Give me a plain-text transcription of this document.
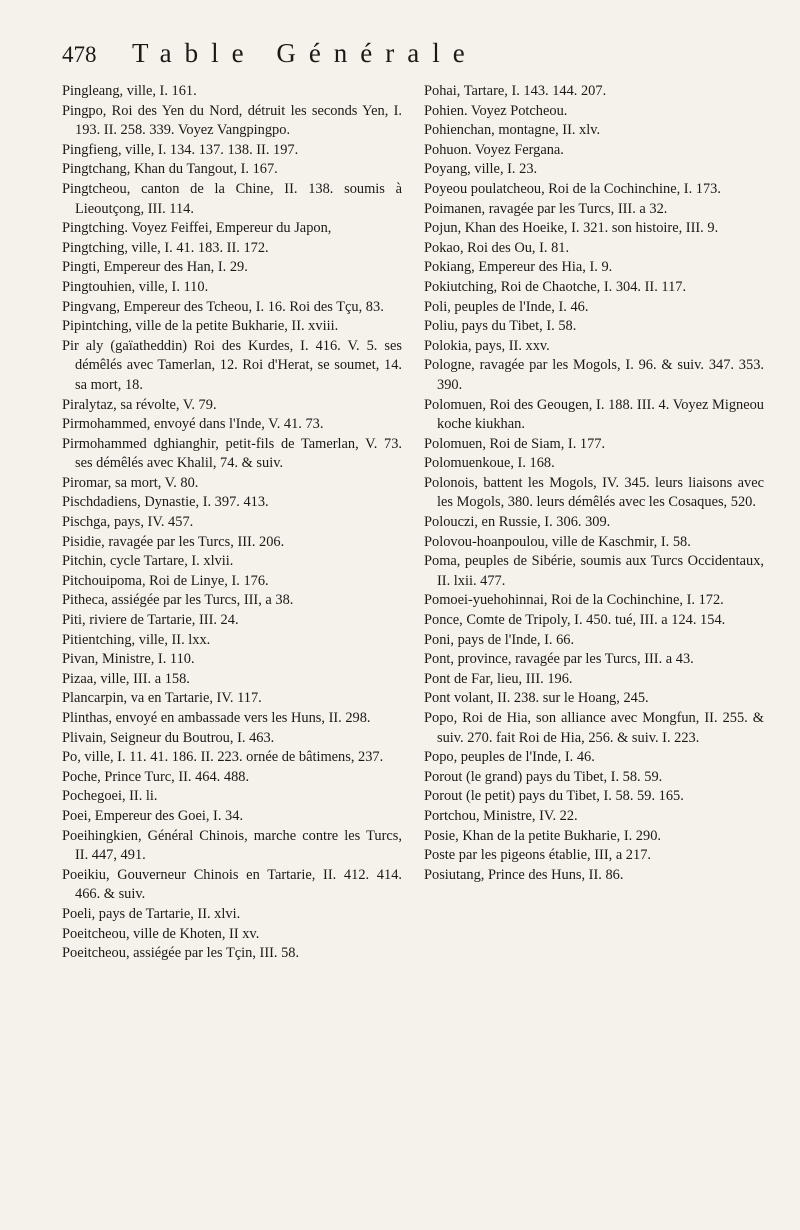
478	Table Générale
Pingleang, ville, I. 161.
Pingpo, Roi des Yen du Nord, détruit les seconds Yen, I. 193. II. 258. 339. Voyez Vangpingpo.
Pingfieng, ville, I. 134. 137. 138. II. 197.
Pingtchang, Khan du Tangout, I. 167.
Pingtcheou, canton de la Chine, II. 138. soumis à Lieoutçong, III. 114.
Pingtching. Voyez Feiffei, Empereur du Japon,
Pingtching, ville, I. 41. 183. II. 172.
Pingti, Empereur des Han, I. 29.
Pingtouhien, ville, I. 110.
Pingvang, Empereur des Tcheou, I. 16. Roi des Tçu, 83.
Pipintching, ville de la petite Bukharie, II. xviii.
Pir aly (gaïatheddin) Roi des Kurdes, I. 416. V. 5. ses démêlés avec Tamerlan, 12. Roi d'Herat, se soumet, 14. sa mort, 18.
Piralytaz, sa révolte, V. 79.
Pirmohammed, envoyé dans l'Inde, V. 41. 73.
Pirmohammed dghianghir, petit-fils de Tamerlan, V. 73. ses démêlés avec Khalil, 74. & suiv.
Piromar, sa mort, V. 80.
Pischdadiens, Dynastie, I. 397. 413.
Pischga, pays, IV. 457.
Pisidie, ravagée par les Turcs, III. 206.
Pitchin, cycle Tartare, I. xlvii.
Pitchouipoma, Roi de Linye, I. 176.
Pitheca, assiégée par les Turcs, III, a 38.
Piti, riviere de Tartarie, III. 24.
Pitientching, ville, II. lxx.
Pivan, Ministre, I. 110.
Pizaa, ville, III. a 158.
Plancarpin, va en Tartarie, IV. 117.
Plinthas, envoyé en ambassade vers les Huns, II. 298.
Plivain, Seigneur du Boutrou, I. 463.
Po, ville, I. 11. 41. 186. II. 223. ornée de bâtimens, 237.
Poche, Prince Turc, II. 464. 488.
Pochegoei, II. li.
Poei, Empereur des Goei, I. 34.
Poeihingkien, Général Chinois, marche contre les Turcs, II. 447, 491.
Poeikiu, Gouverneur Chinois en Tartarie, II. 412. 414. 466. & suiv.
Poeli, pays de Tartarie, II. xlvi.
Poeitcheou, ville de Khoten, II xv.
Poeitcheou, assiégée par les Tçin, III. 58.
Pohai, Tartare, I. 143. 144. 207.
Pohien. Voyez Potcheou.
Pohienchan, montagne, II. xlv.
Pohuon. Voyez Fergana.
Poyang, ville, I. 23.
Poyeou poulatcheou, Roi de la Cochinchine, I. 173.
Poimanen, ravagée par les Turcs, III. a 32.
Pojun, Khan des Hoeike, I. 321. son histoire, III. 9.
Pokao, Roi des Ou, I. 81.
Pokiang, Empereur des Hia, I. 9.
Pokiutching, Roi de Chaotche, I. 304. II. 117.
Poli, peuples de l'Inde, I. 46.
Poliu, pays du Tibet, I. 58.
Polokia, pays, II. xxv.
Pologne, ravagée par les Mogols, I. 96. & suiv. 347. 353. 390.
Polomuen, Roi des Geougen, I. 188. III. 4. Voyez Migneou koche kiukhan.
Polomuen, Roi de Siam, I. 177.
Polomuenkoue, I. 168.
Polonois, battent les Mogols, IV. 345. leurs liaisons avec les Mogols, 380. leurs démêlés avec les Cosaques, 520.
Polouczi, en Russie, I. 306. 309.
Polovou-hoanpoulou, ville de Kaschmir, I. 58.
Poma, peuples de Sibérie, soumis aux Turcs Occidentaux, II. lxii. 477.
Pomoei-yuehohinnai, Roi de la Cochinchine, I. 172.
Ponce, Comte de Tripoly, I. 450. tué, III. a 124. 154.
Poni, pays de l'Inde, I. 66.
Pont, province, ravagée par les Turcs, III. a 43.
Pont de Far, lieu, III. 196.
Pont volant, II. 238. sur le Hoang, 245.
Popo, Roi de Hia, son alliance avec Mongfun, II. 255. & suiv. 270. fait Roi de Hia, 256. & suiv. I. 223.
Popo, peuples de l'Inde, I. 46.
Porout (le grand) pays du Tibet, I. 58. 59.
Porout (le petit) pays du Tibet, I. 58. 59. 165.
Portchou, Ministre, IV. 22.
Posie, Khan de la petite Bukharie, I. 290.
Poste par les pigeons établie, III, a 217.
Posiutang, Prince des Huns, II. 86.
